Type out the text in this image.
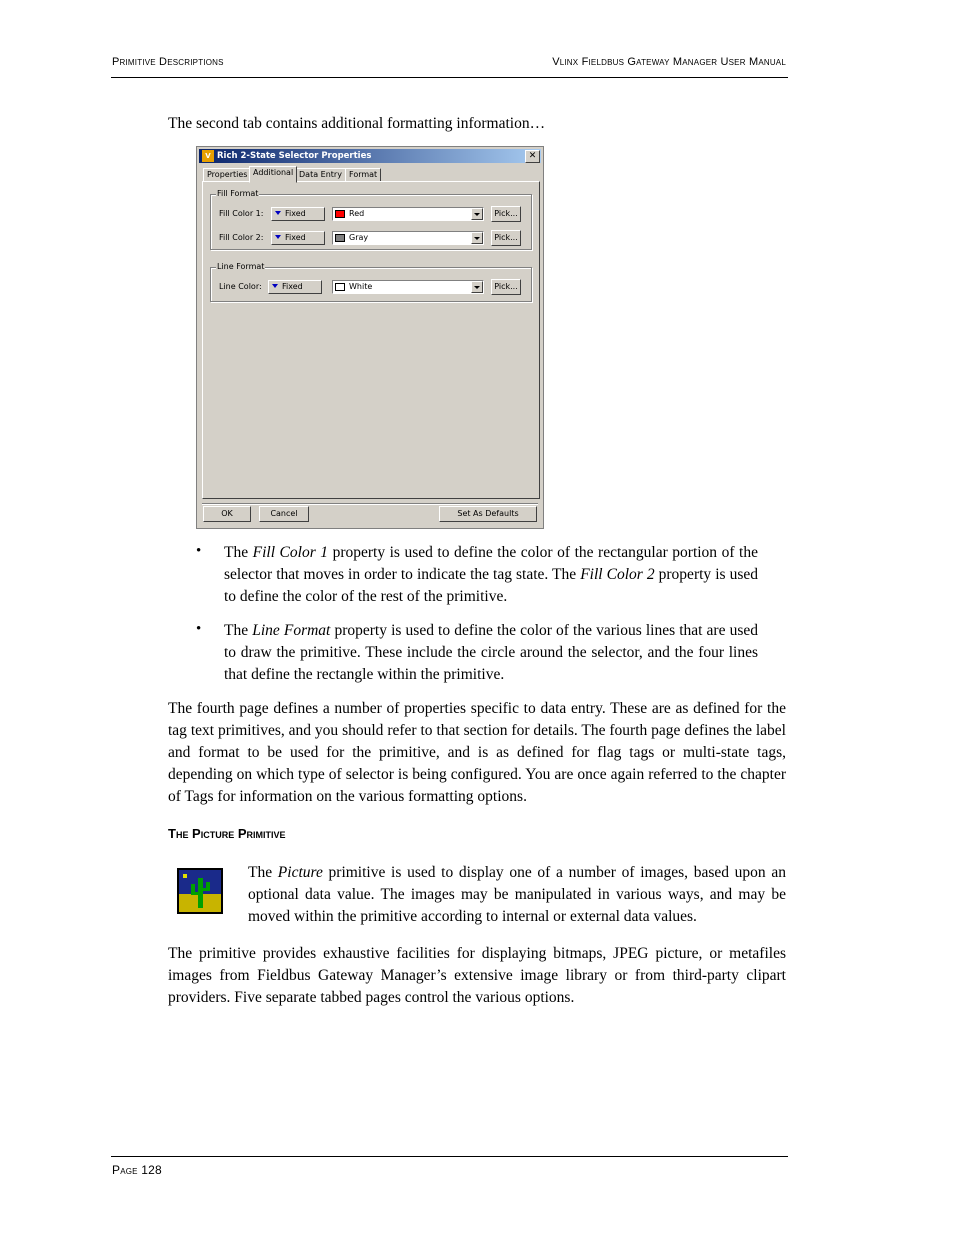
Primitive Descriptions	Vlinx Fieldbus Gateway Manager User Manual
The second tab contains additional formatting information…
V Rich 2-State Selector Properties	✕
Properties Additional Data Entry Format
Fill Format
Fill Color 1:	Fixed	Red	Pick...
Fill Color 2:	Fixed	Gray	Pick...
Line Format
Line Color:	Fixed	White	Pick...
OK	Cancel	Set As Defaults
• The Fill Color 1 property is used to define the color of the rectangular portion of the selector that moves in order to indicate the tag state. The Fill Color 2 property is used to define the color of the rest of the primitive.
• The Line Format property is used to define the color of the various lines that are used to draw the primitive. These include the circle around the selector, and the four lines that define the rectangle within the primitive.
The fourth page defines a number of properties specific to data entry. These are as defined for the tag text primitives, and you should refer to that section for details. The fourth page defines the label and format to be used for the primitive, and is as defined for flag tags or multi-state tags, depending on which type of selector is being configured. You are once again referred to the chapter of Tags for information on the various formatting options.
The Picture Primitive
The Picture primitive is used to display one of a number of images, based upon an optional data value. The images may be manipulated in various ways, and may be moved within the primitive according to internal or external data values.
The primitive provides exhaustive facilities for displaying bitmaps, JPEG picture, or metafiles images from Fieldbus Gateway Manager’s extensive image library or from third-party clipart providers. Five separate tabbed pages control the various options.
Page 128
